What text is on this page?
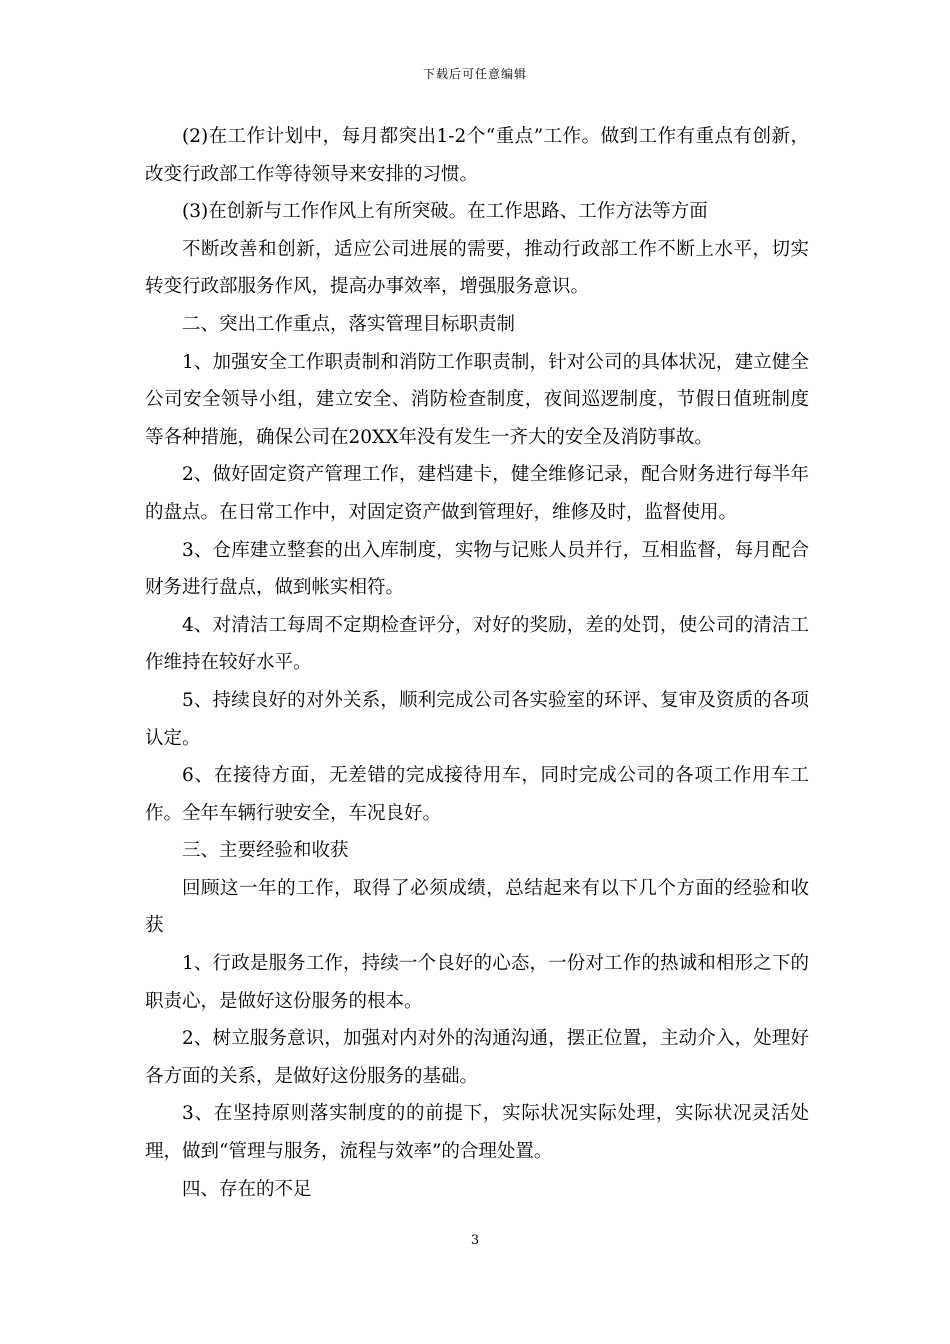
下载后可任意编辑

(2)在工作计划中，每月都突出1-2个“重点”工作。做到工作有重点有创新，改变行政部工作等待领导来安排的习惯。

(3)在创新与工作作风上有所突破。在工作思路、工作方法等方面

不断改善和创新，适应公司进展的需要，推动行政部工作不断上水平，切实转变行政部服务作风，提高办事效率，增强服务意识。

二、突出工作重点，落实管理目标职责制

1、加强安全工作职责制和消防工作职责制，针对公司的具体状况，建立健全公司安全领导小组，建立安全、消防检查制度，夜间巡逻制度，节假日值班制度等各种措施，确保公司在20XX年没有发生一齐大的安全及消防事故。

2、做好固定资产管理工作，建档建卡，健全维修记录，配合财务进行每半年的盘点。在日常工作中，对固定资产做到管理好，维修及时，监督使用。

3、仓库建立整套的出入库制度，实物与记账人员并行，互相监督，每月配合财务进行盘点，做到帐实相符。

4、对清洁工每周不定期检查评分，对好的奖励，差的处罚，使公司的清洁工作维持在较好水平。

5、持续良好的对外关系，顺利完成公司各实验室的环评、复审及资质的各项认定。

6、在接待方面，无差错的完成接待用车，同时完成公司的各项工作用车工作。全年车辆行驶安全，车况良好。

三、主要经验和收获

回顾这一年的工作，取得了必须成绩，总结起来有以下几个方面的经验和收获

1、行政是服务工作，持续一个良好的心态，一份对工作的热诚和相形之下的职责心，是做好这份服务的根本。

2、树立服务意识，加强对内对外的沟通沟通，摆正位置，主动介入，处理好各方面的关系，是做好这份服务的基础。

3、在坚持原则落实制度的的前提下，实际状况实际处理，实际状况灵活处理，做到“管理与服务，流程与效率”的合理处置。

四、存在的不足

3
